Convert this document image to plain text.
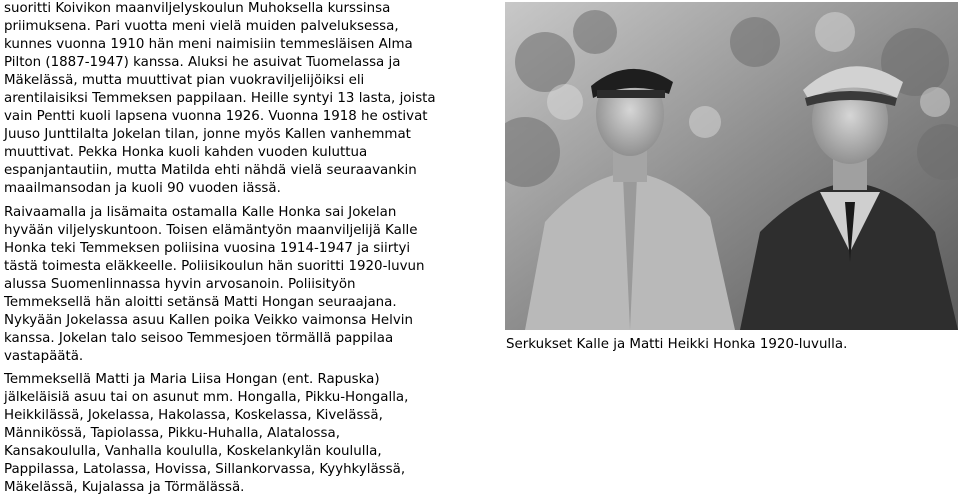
suoritti Koivikon maanviljelyskoulun Muhoksella kurssinsa
priimuksena. Pari vuotta meni vielä muiden palveluksessa,
kunnes vuonna 1910 hän meni naimisiin temmesläisen Alma
Pilton (1887-1947) kanssa. Aluksi he asuivat Tuomelassa ja
Mäkelässä, mutta muuttivat pian vuokraviljelijöiksi eli
arentilaisiksi Temmeksen pappilaan. Heille syntyi 13 lasta, joista
vain Pentti kuoli lapsena vuonna 1926. Vuonna 1918 he ostivat
Juuso Junttilalta Jokelan tilan, jonne myös Kallen vanhemmat
muuttivat. Pekka Honka kuoli kahden vuoden kuluttua
espanjantautiin, mutta Matilda ehti nähdä vielä seuraavankin
maailmansodan ja kuoli 90 vuoden iässä.
Raivaamalla ja lisämaita ostamalla Kalle Honka sai Jokelan
hyvään viljelyskuntoon. Toisen elämäntyön maanviljelijä Kalle
Honka teki Temmeksen poliisina vuosina 1914-1947 ja siirtyi
tästä toimesta eläkkeelle. Poliisikoulun hän suoritti 1920-luvun
alussa Suomenlinnassa hyvin arvosanoin. Poliisityön
Temmeksellä hän aloitti setänsä Matti Hongan seuraajana.
Nykyään Jokelassa asuu Kallen poika Veikko vaimonsa Helvin
kanssa. Jokelan talo seisoo Temmesjoen törmällä pappilaa
vastapäätä.
Temmeksellä Matti ja Maria Liisa Hongan (ent. Rapuska)
jälkeläisiä asuu tai on asunut mm. Hongalla, Pikku-Hongalla,
Heikkilässä, Jokelassa, Hakolassa, Koskelassa, Kivelässä,
Männikössä, Tapiolassa, Pikku-Huhalla, Alatalossa,
Kansakoululla, Vanhalla koululla, Koskelankylän koululla,
Pappilassa, Latolassa, Hovissa, Sillankorvassa, Kyyhkylässä,
Mäkelässä, Kujalassa ja Törmälässä.

Serkukset Kalle ja Matti Heikki Honka 1920-luvulla.
